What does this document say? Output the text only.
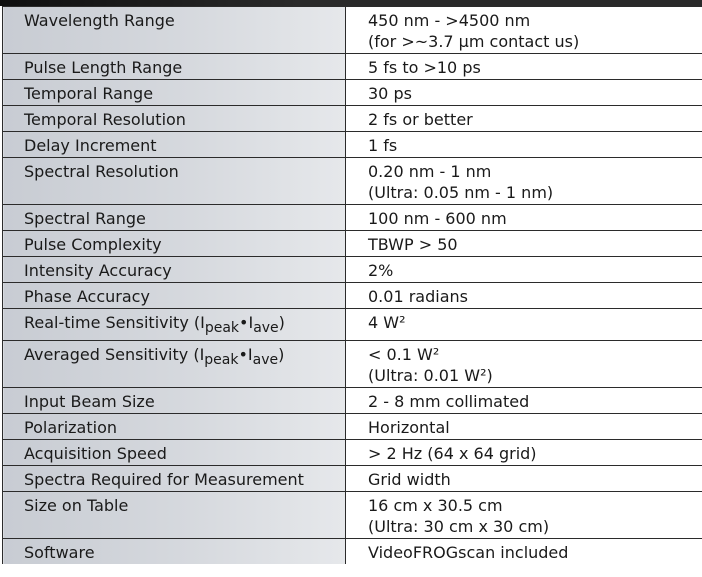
Wavelength Range	450 nm - >4500 nm
(for >~3.7 µm contact us)

Pulse Length Range	5 fs to >10 ps
Temporal Range	30 ps
Temporal Resolution	2 fs or better
Delay Increment	1 fs
Spectral Resolution	0.20 nm - 1 nm
(Ultra: 0.05 nm - 1 nm)

Spectral Range	100 nm - 600 nm
Pulse Complexity	TBWP > 50
Intensity Accuracy	2%
Phase Accuracy	0.01 radians
Real-time Sensitivity (Ipeak•Iave)	4 W²
Averaged Sensitivity (Ipeak•Iave)	< 0.1 W²
(Ultra: 0.01 W²)

Input Beam Size	2 - 8 mm collimated
Polarization	Horizontal
Acquisition Speed	> 2 Hz (64 x 64 grid)
Spectra Required for Measurement	Grid width
Size on Table	16 cm x 30.5 cm
(Ultra: 30 cm x 30 cm)

Software	VideoFROGscan included
